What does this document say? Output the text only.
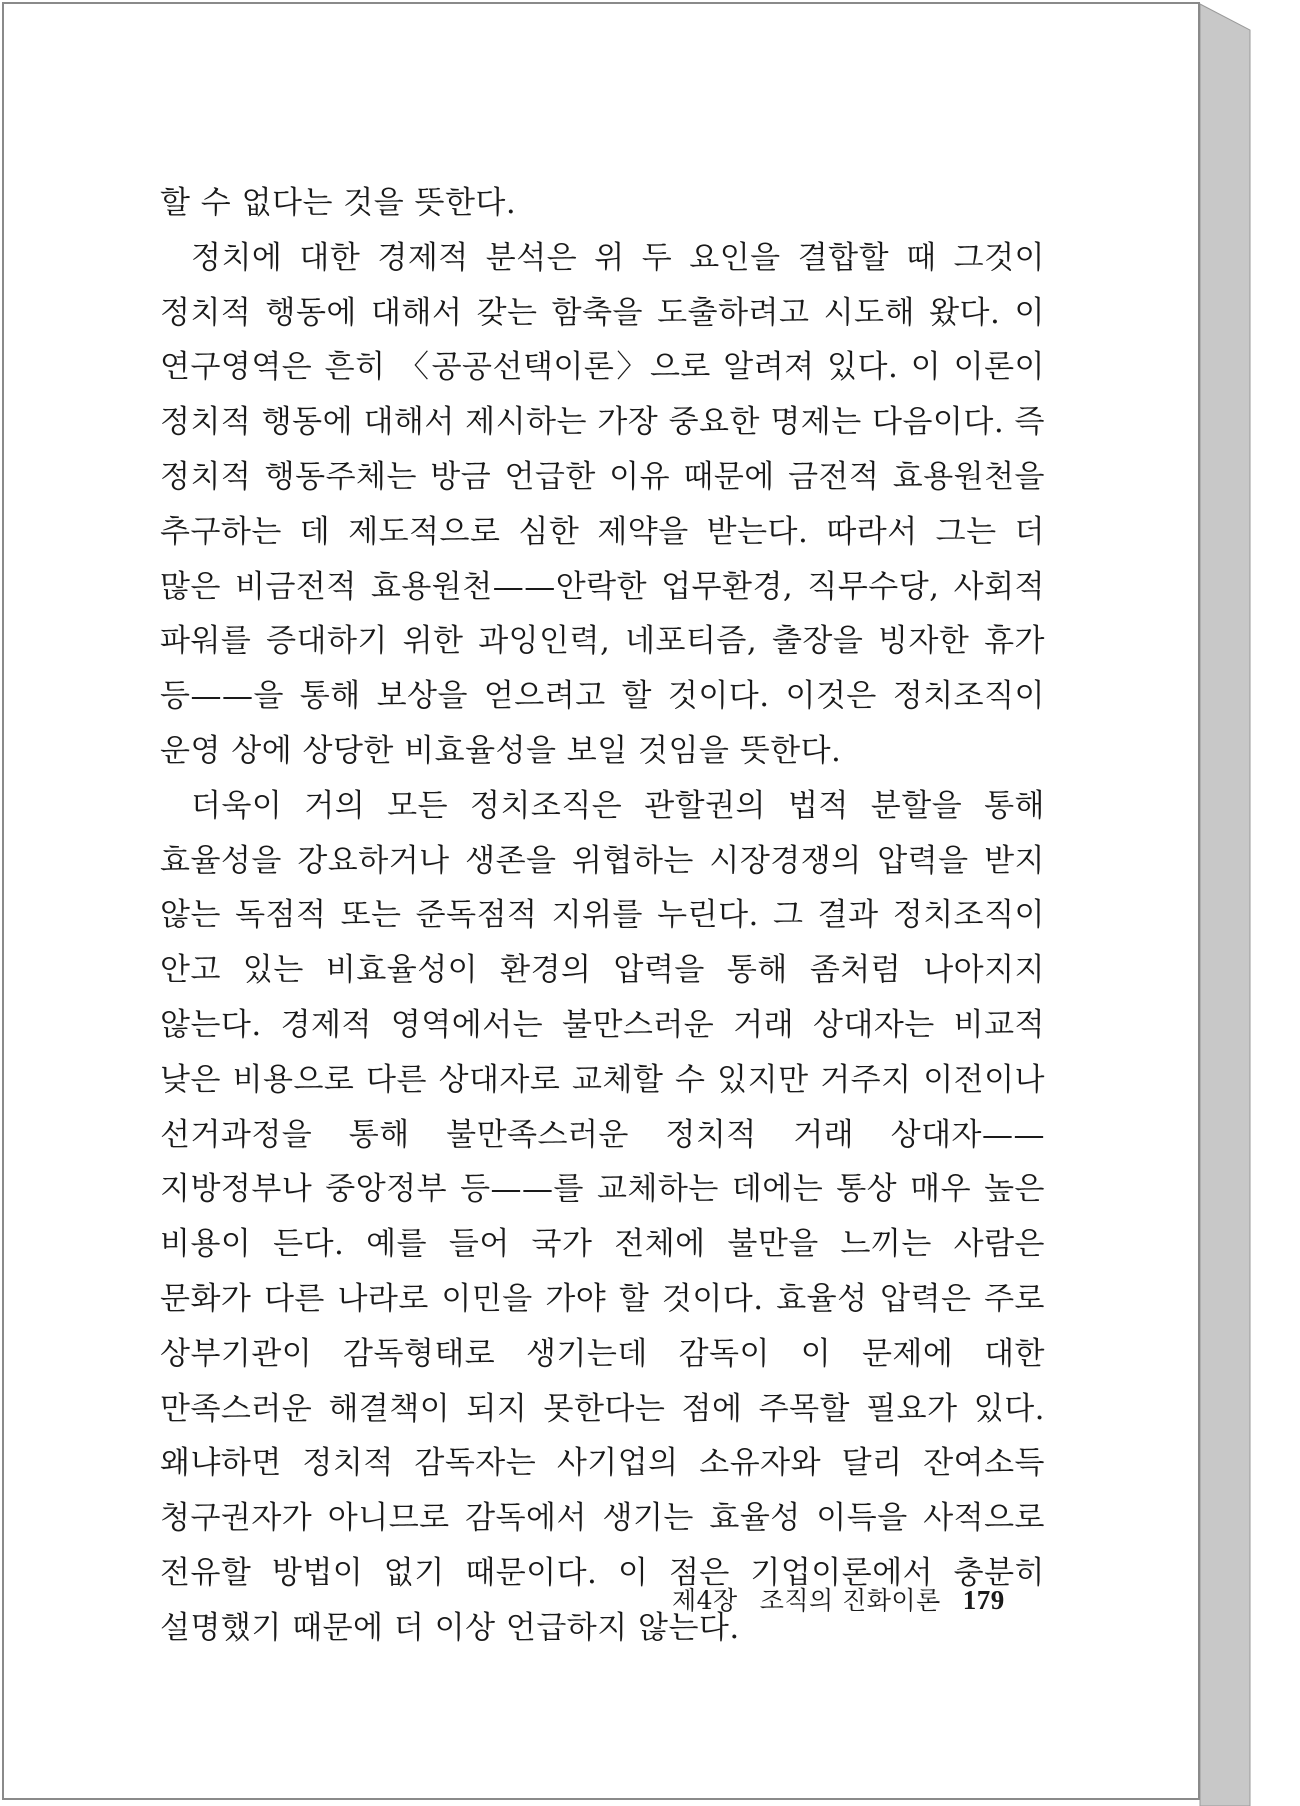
할 수 없다는 것을 뜻한다.

정치에 대한 경제적 분석은 위 두 요인을 결합할 때 그것이 정치적 행동에 대해서 갖는 함축을 도출하려고 시도해 왔다. 이 연구영역은 흔히 〈공공선택이론〉으로 알려져 있다. 이 이론이 정치적 행동에 대해서 제시하는 가장 중요한 명제는 다음이다. 즉 정치적 행동주체는 방금 언급한 이유 때문에 금전적 효용원천을 추구하는 데 제도적으로 심한 제약을 받는다. 따라서 그는 더 많은 비금전적 효용원천——안락한 업무환경, 직무수당, 사회적 파워를 증대하기 위한 과잉인력, 네포티즘, 출장을 빙자한 휴가 등——을 통해 보상을 얻으려고 할 것이다. 이것은 정치조직이 운영 상에 상당한 비효율성을 보일 것임을 뜻한다.

더욱이 거의 모든 정치조직은 관할권의 법적 분할을 통해 효율성을 강요하거나 생존을 위협하는 시장경쟁의 압력을 받지 않는 독점적 또는 준독점적 지위를 누린다. 그 결과 정치조직이 안고 있는 비효율성이 환경의 압력을 통해 좀처럼 나아지지 않는다. 경제적 영역에서는 불만스러운 거래 상대자는 비교적 낮은 비용으로 다른 상대자로 교체할 수 있지만 거주지 이전이나 선거과정을 통해 불만족스러운 정치적 거래 상대자——지방정부나 중앙정부 등——를 교체하는 데에는 통상 매우 높은 비용이 든다. 예를 들어 국가 전체에 불만을 느끼는 사람은 문화가 다른 나라로 이민을 가야 할 것이다. 효율성 압력은 주로 상부기관이 감독형태로 생기는데 감독이 이 문제에 대한 만족스러운 해결책이 되지 못한다는 점에 주목할 필요가 있다. 왜냐하면 정치적 감독자는 사기업의 소유자와 달리 잔여소득 청구권자가 아니므로 감독에서 생기는 효율성 이득을 사적으로 전유할 방법이 없기 때문이다. 이 점은 기업이론에서 충분히 설명했기 때문에 더 이상 언급하지 않는다.

제4장 조직의 진화이론 179
